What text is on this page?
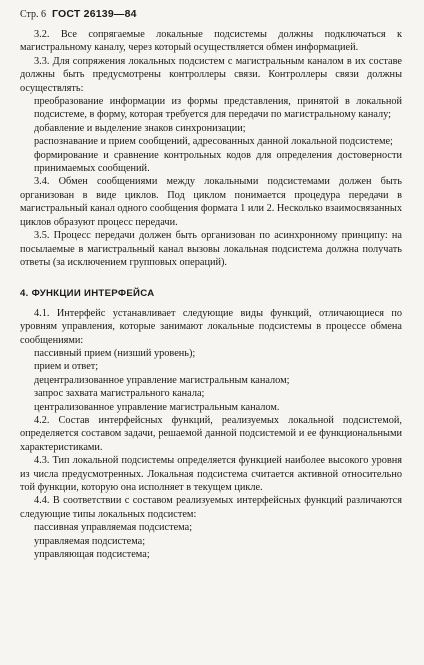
Стр. 6 ГОСТ 26139—84

3.2. Все сопрягаемые локальные подсистемы должны подключаться к магистральному каналу, через который осуществляется обмен информацией.

3.3. Для сопряжения локальных подсистем с магистральным каналом в их составе должны быть предусмотрены контроллеры связи. Контроллеры связи должны осуществлять:

преобразование информации из формы представления, принятой в локальной подсистеме, в форму, которая требуется для передачи по магистральному каналу;

добавление и выделение знаков синхронизации;

распознавание и прием сообщений, адресованных данной локальной подсистеме;

формирование и сравнение контрольных кодов для определения достоверности принимаемых сообщений.

3.4. Обмен сообщениями между локальными подсистемами должен быть организован в виде циклов. Под циклом понимается процедура передачи в магистральный канал одного сообщения формата 1 или 2. Несколько взаимосвязанных циклов образуют процесс передачи.

3.5. Процесс передачи должен быть организован по асинхронному принципу: на посылаемые в магистральный канал вызовы локальная подсистема должна получать ответы (за исключением групповых операций).

4. ФУНКЦИИ ИНТЕРФЕЙСА

4.1. Интерфейс устанавливает следующие виды функций, отличающиеся по уровням управления, которые занимают локальные подсистемы в процессе обмена сообщениями:

пассивный прием (низший уровень);

прием и ответ;

децентрализованное управление магистральным каналом;

запрос захвата магистрального канала;

централизованное управление магистральным каналом.

4.2. Состав интерфейсных функций, реализуемых локальной подсистемой, определяется составом задачи, решаемой данной подсистемой и ее функциональными характеристиками.

4.3. Тип локальной подсистемы определяется функцией наиболее высокого уровня из числа предусмотренных. Локальная подсистема считается активной относительно той функции, которую она исполняет в текущем цикле.

4.4. В соответствии с составом реализуемых интерфейсных функций различаются следующие типы локальных подсистем:

пассивная управляемая подсистема;

управляемая подсистема;

управляющая подсистема;
